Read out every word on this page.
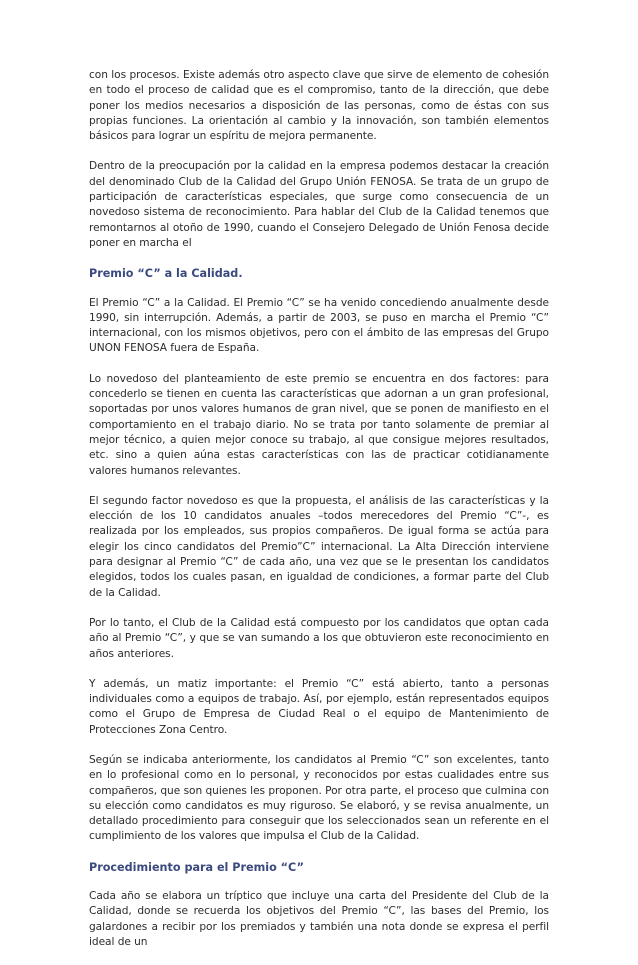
con los procesos. Existe además otro aspecto clave que sirve de elemento de cohesión en todo el proceso de calidad que es el compromiso, tanto de la dirección, que debe poner los medios necesarios a disposición de las personas, como de éstas con sus propias funciones. La orientación al cambio y la innovación, son también elementos básicos para lograr un espíritu de mejora permanente.

Dentro de la preocupación por la calidad en la empresa podemos destacar la creación del denominado Club de la Calidad del Grupo Unión FENOSA. Se trata de un grupo de participación de características especiales, que surge como consecuencia de un novedoso sistema de reconocimiento. Para hablar del Club de la Calidad tenemos que remontarnos al otoño de 1990, cuando el Consejero Delegado de Unión Fenosa decide poner en marcha el

Premio “C” a la Calidad.

El Premio “C” a la Calidad. El Premio “C” se ha venido concediendo anualmente desde 1990, sin interrupción. Además, a partir de 2003, se puso en marcha el Premio “C” internacional, con los mismos objetivos, pero con el ámbito de las empresas del Grupo UNON FENOSA fuera de España.

Lo novedoso del planteamiento de este premio se encuentra en dos factores: para concederlo se tienen en cuenta las características que adornan a un gran profesional, soportadas por unos valores humanos de gran nivel, que se ponen de manifiesto en el comportamiento en el trabajo diario. No se trata por tanto solamente de premiar al mejor técnico, a quien mejor conoce su trabajo, al que consigue mejores resultados, etc. sino a quien aúna estas características con las de practicar cotidianamente valores humanos relevantes.

El segundo factor novedoso es que la propuesta, el análisis de las características y la elección de los 10 candidatos anuales –todos merecedores del Premio “C”-, es realizada por los empleados, sus propios compañeros. De igual forma se actúa para elegir los cinco candidatos del Premio”C” internacional. La Alta Dirección interviene para designar al Premio “C” de cada año, una vez que se le presentan los candidatos elegidos, todos los cuales pasan, en igualdad de condiciones, a formar parte del Club de la Calidad.

Por lo tanto, el Club de la Calidad está compuesto por los candidatos que optan cada año al Premio “C”, y que se van sumando a los que obtuvieron este reconocimiento en años anteriores.

Y además, un matiz importante: el Premio “C” está abierto, tanto a personas individuales como a equipos de trabajo. Así, por ejemplo, están representados equipos como el Grupo de Empresa de Ciudad Real o el equipo de Mantenimiento de Protecciones Zona Centro.

Según se indicaba anteriormente, los candidatos al Premio “C” son excelentes, tanto en lo profesional como en lo personal, y reconocidos por estas cualidades entre sus compañeros, que son quienes les proponen. Por otra parte, el proceso que culmina con su elección como candidatos es muy riguroso. Se elaboró, y se revisa anualmente, un detallado procedimiento para conseguir que los seleccionados sean un referente en el cumplimiento de los valores que impulsa el Club de la Calidad.

Procedimiento para el Premio “C”

Cada año se elabora un tríptico que incluye una carta del Presidente del Club de la Calidad, donde se recuerda los objetivos del Premio “C”, las bases del Premio, los galardones a recibir por los premiados y también una nota donde se expresa el perfil ideal de un
